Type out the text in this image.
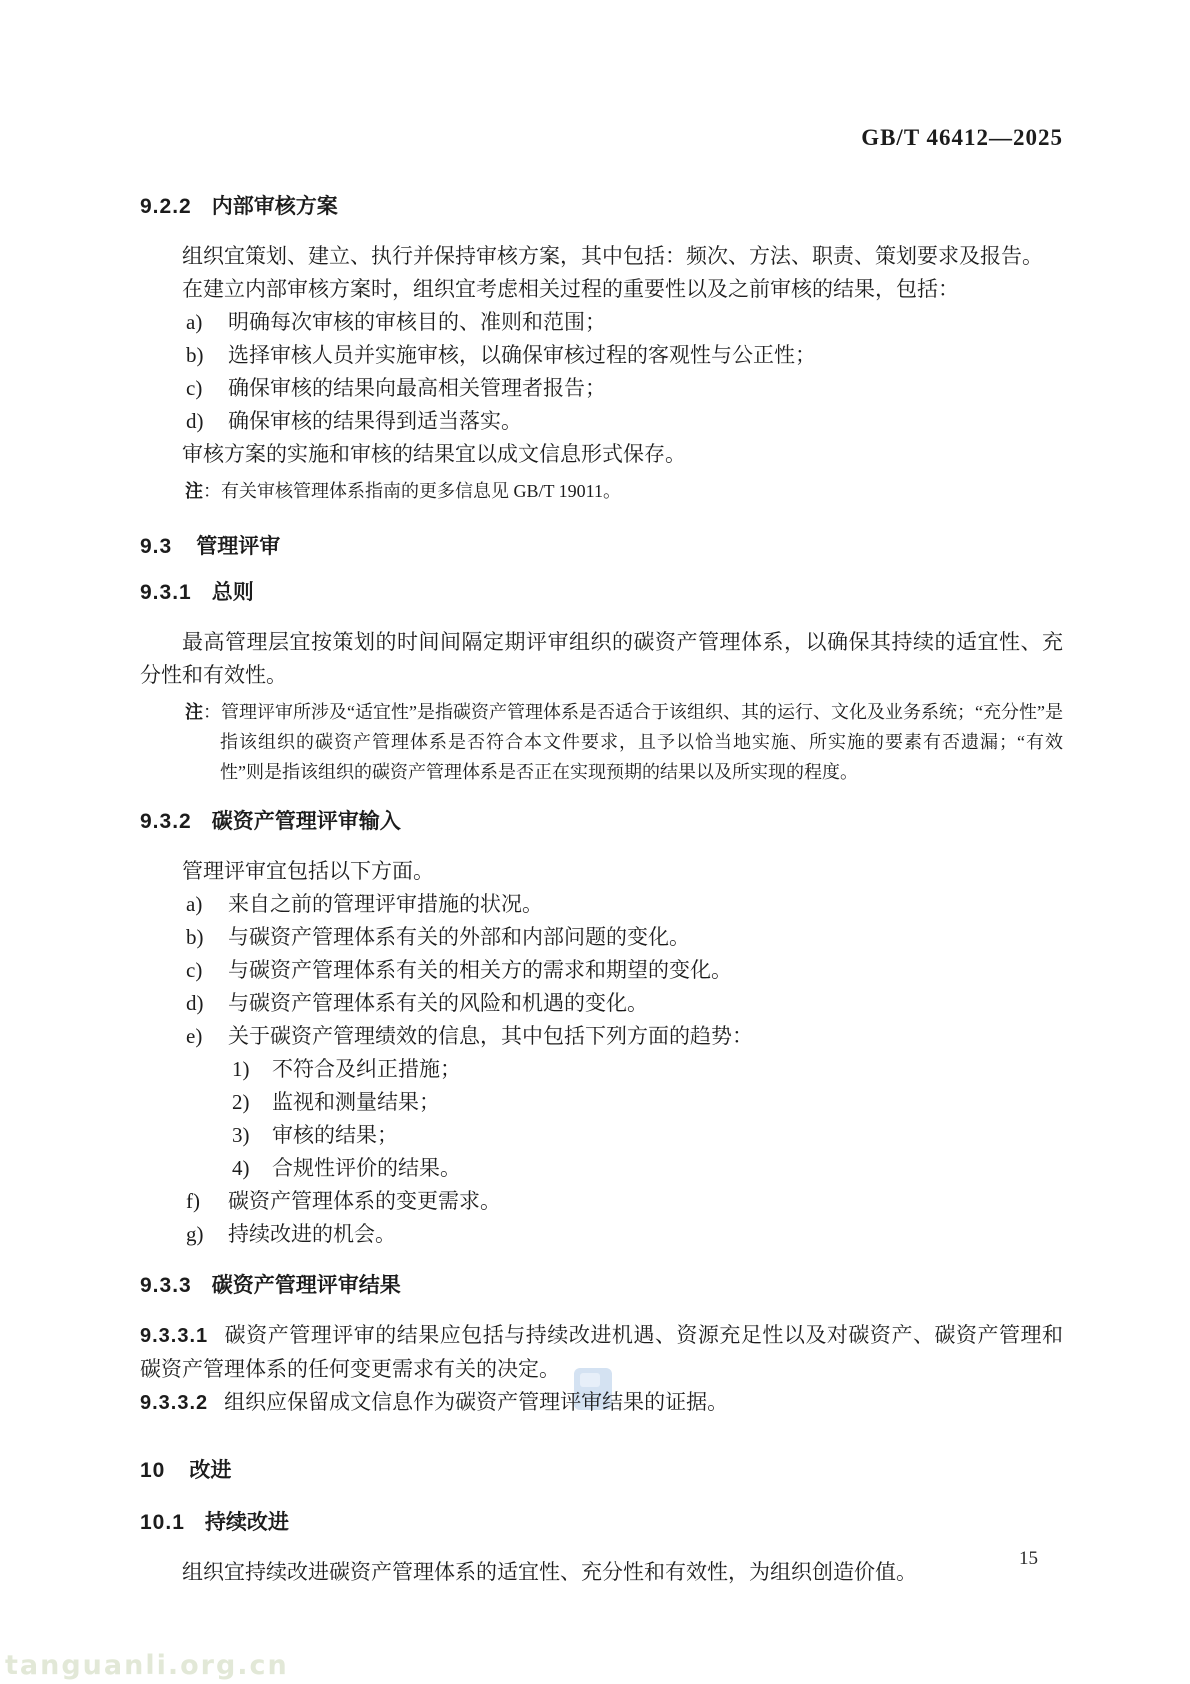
tanguanli.org.cn
GB/T 46412—2025
9.2.2 内部审核方案

组织宜策划、建立、执行并保持审核方案，其中包括：频次、方法、职责、策划要求及报告。

在建立内部审核方案时，组织宜考虑相关过程的重要性以及之前审核的结果，包括：

a)	明确每次审核的审核目的、准则和范围；
b)	选择审核人员并实施审核，以确保审核过程的客观性与公正性；
c)	确保审核的结果向最高相关管理者报告；
d)	确保审核的结果得到适当落实。

审核方案的实施和审核的结果宜以成文信息形式保存。

注：有关审核管理体系指南的更多信息见 GB/T 19011。

9.3 管理评审
9.3.1 总则

最高管理层宜按策划的时间间隔定期评审组织的碳资产管理体系，以确保其持续的适宜性、充分性和有效性。

注：管理评审所涉及“适宜性”是指碳资产管理体系是否适合于该组织、其的运行、文化及业务系统；“充分性”是指该组织的碳资产管理体系是否符合本文件要求，且予以恰当地实施、所实施的要素有否遗漏；“有效性”则是指该组织的碳资产管理体系是否正在实现预期的结果以及所实现的程度。

9.3.2 碳资产管理评审输入

管理评审宜包括以下方面。

a)	来自之前的管理评审措施的状况。
b)	与碳资产管理体系有关的外部和内部问题的变化。
c)	与碳资产管理体系有关的相关方的需求和期望的变化。
d)	与碳资产管理体系有关的风险和机遇的变化。
e)	关于碳资产管理绩效的信息，其中包括下列方面的趋势：
1)	不符合及纠正措施；
2)	监视和测量结果；
3)	审核的结果；
4)	合规性评价的结果。
f)	碳资产管理体系的变更需求。
g)	持续改进的机会。
9.3.3 碳资产管理评审结果

9.3.3.1 碳资产管理评审的结果应包括与持续改进机遇、资源充足性以及对碳资产、碳资产管理和碳资产管理体系的任何变更需求有关的决定。

9.3.3.2 组织应保留成文信息作为碳资产管理评审结果的证据。

10 改进
10.1 持续改进

组织宜持续改进碳资产管理体系的适宜性、充分性和有效性，为组织创造价值。

15
